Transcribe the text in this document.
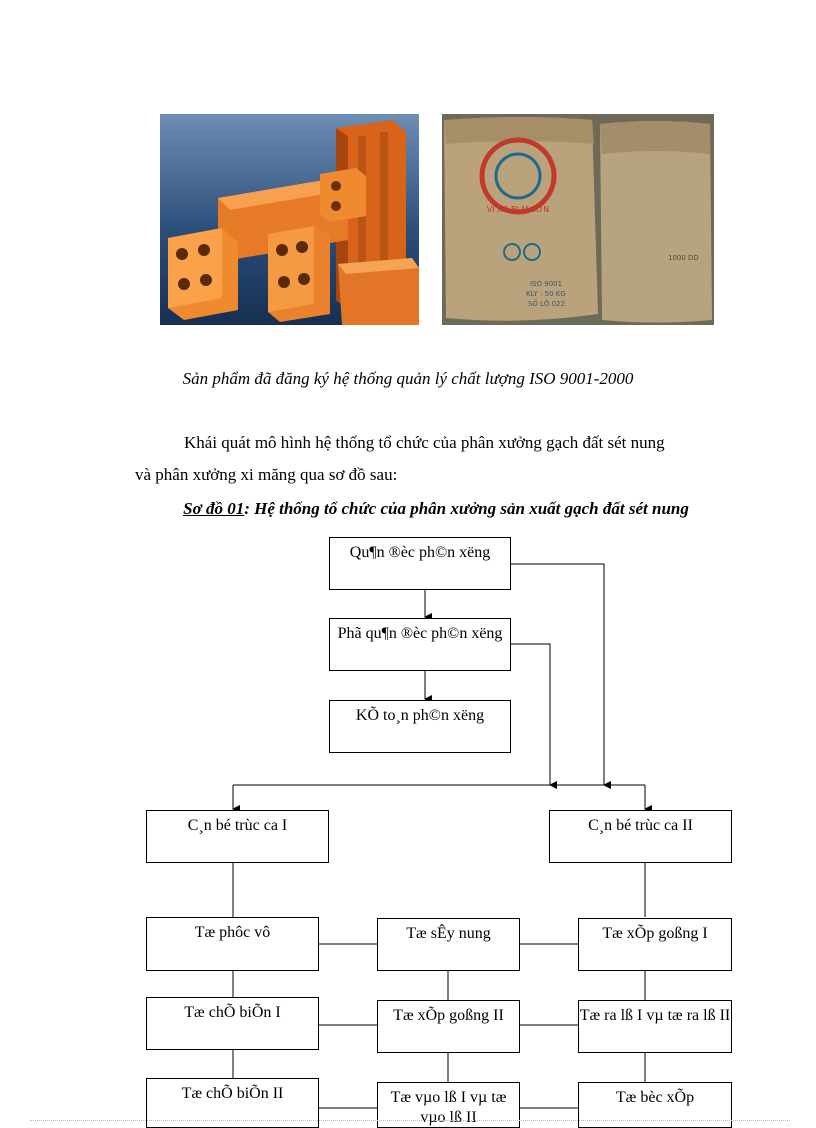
VI XO BI M SƠN
ISO 9001
KLY : 50 KG
SỐ LÔ 022
1000 DD
Sản phẩm đã đăng ký hệ thống quản lý chất lượng ISO 9001-2000
Khái quát mô hình hệ thống tổ chức của phân xưởng gạch đất sét nung
và phân xưởng xi măng qua sơ đồ sau:
Sơ đồ 01: Hệ thống tổ chức của phân xưởng sản xuất gạch đất sét nung
Qu¶n ®èc ph©n xëng
Phã qu¶n ®èc ph©n xëng
KÕ to¸n ph©n xëng
C¸n bé trùc ca I	C¸n bé trùc ca II
Tæ phôc vô	Tæ sÊy nung	Tæ xÕp goßng I
Tæ chÕ biÕn I	Tæ xÕp goßng II	Tæ ra lß I vµ tæ ra lß II
Tæ chÕ biÕn II	Tæ vµo lß I vµ tæ vµo lß II
Tæ bèc xÕp
